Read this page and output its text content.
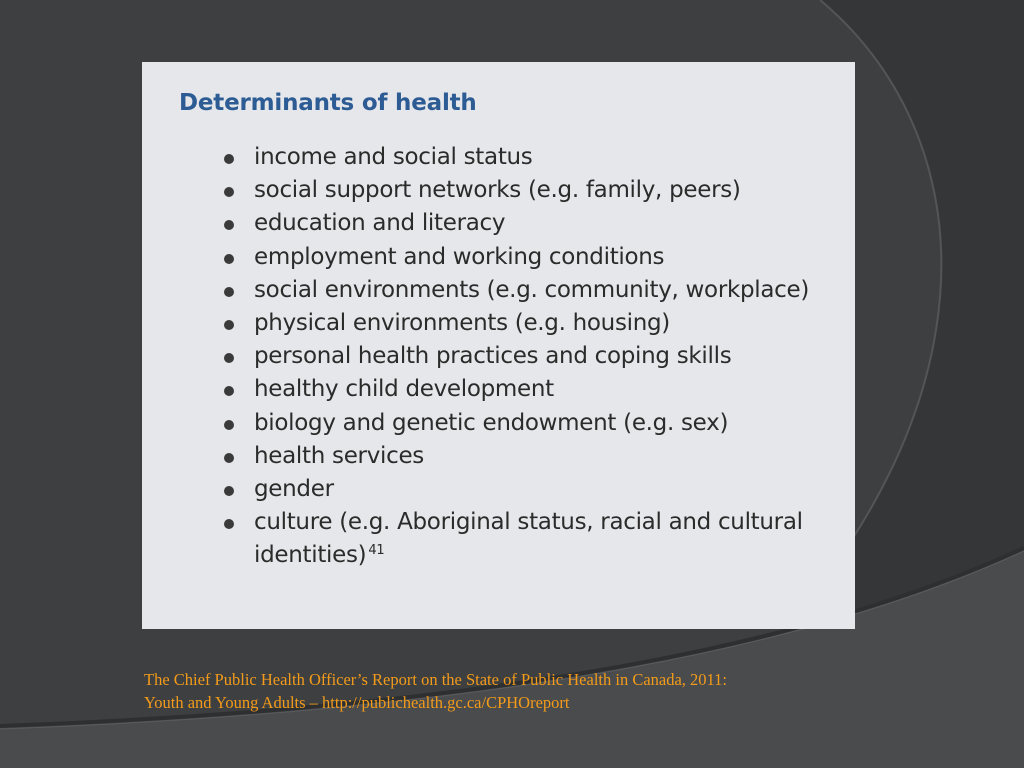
Determinants of health
income and social status
social support networks (e.g. family, peers)
education and literacy
employment and working conditions
social environments (e.g. community, workplace)
physical environments (e.g. housing)
personal health practices and coping skills
healthy child development
biology and genetic endowment (e.g. sex)
health services
gender
culture (e.g. Aboriginal status, racial and cultural identities) $^{41}$

The Chief Public Health Officer’s Report on the State of Public Health in Canada, 2011:
Youth and Young Adults – http://publichealth.gc.ca/CPHOreport
